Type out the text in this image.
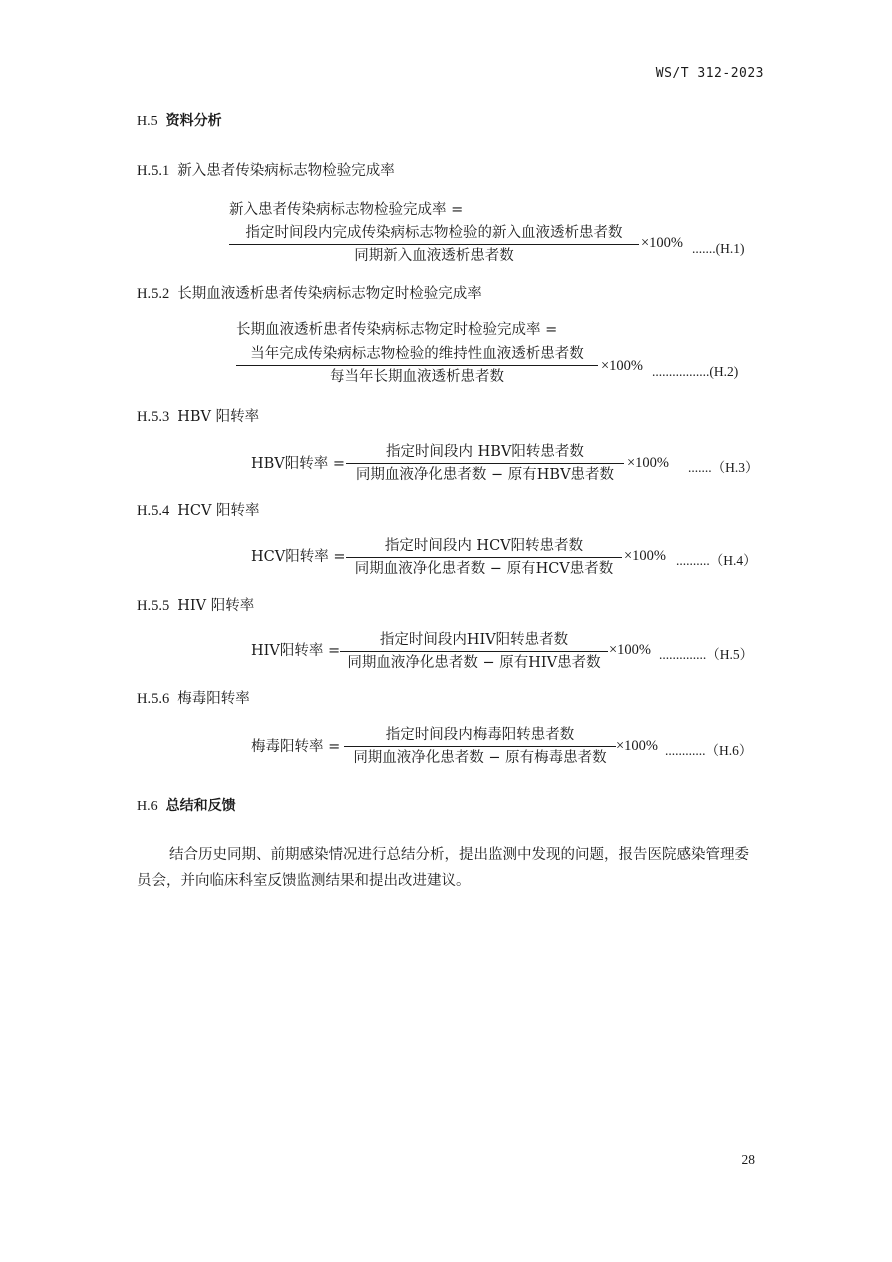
WS/T 312-2023
H.5 资料分析
H.5.1 新入患者传染病标志物检验完成率
新入患者传染病标志物检验完成率 =
指定时间段内完成传染病标志物检验的新入血液透析患者数
同期新入血液透析患者数
×100% .......(H.1)
H.5.2 长期血液透析患者传染病标志物定时检验完成率
长期血液透析患者传染病标志物定时检验完成率 =
当年完成传染病标志物检验的维持性血液透析患者数
每当年长期血液透析患者数
×100% .................(H.2)
H.5.3 HBV 阳转率
HBV阳转率 =
指定时间段内 HBV阳转患者数
同期血液净化患者数 − 原有HBV患者数
×100% .......（H.3）
H.5.4 HCV 阳转率
HCV阳转率 =
指定时间段内 HCV阳转患者数
同期血液净化患者数 − 原有HCV患者数
×100% ..........（H.4）
H.5.5 HIV 阳转率
HIV阳转率 =
指定时间段内HIV阳转患者数
同期血液净化患者数 − 原有HIV患者数
×100% ..............（H.5）
H.5.6 梅毒阳转率
梅毒阳转率 =
指定时间段内梅毒阳转患者数
同期血液净化患者数 − 原有梅毒患者数
×100% ............（H.6）
H.6 总结和反馈
结合历史同期、前期感染情况进行总结分析，提出监测中发现的问题，报告医院感染管理委员会，并向临床科室反馈监测结果和提出改进建议。
28
